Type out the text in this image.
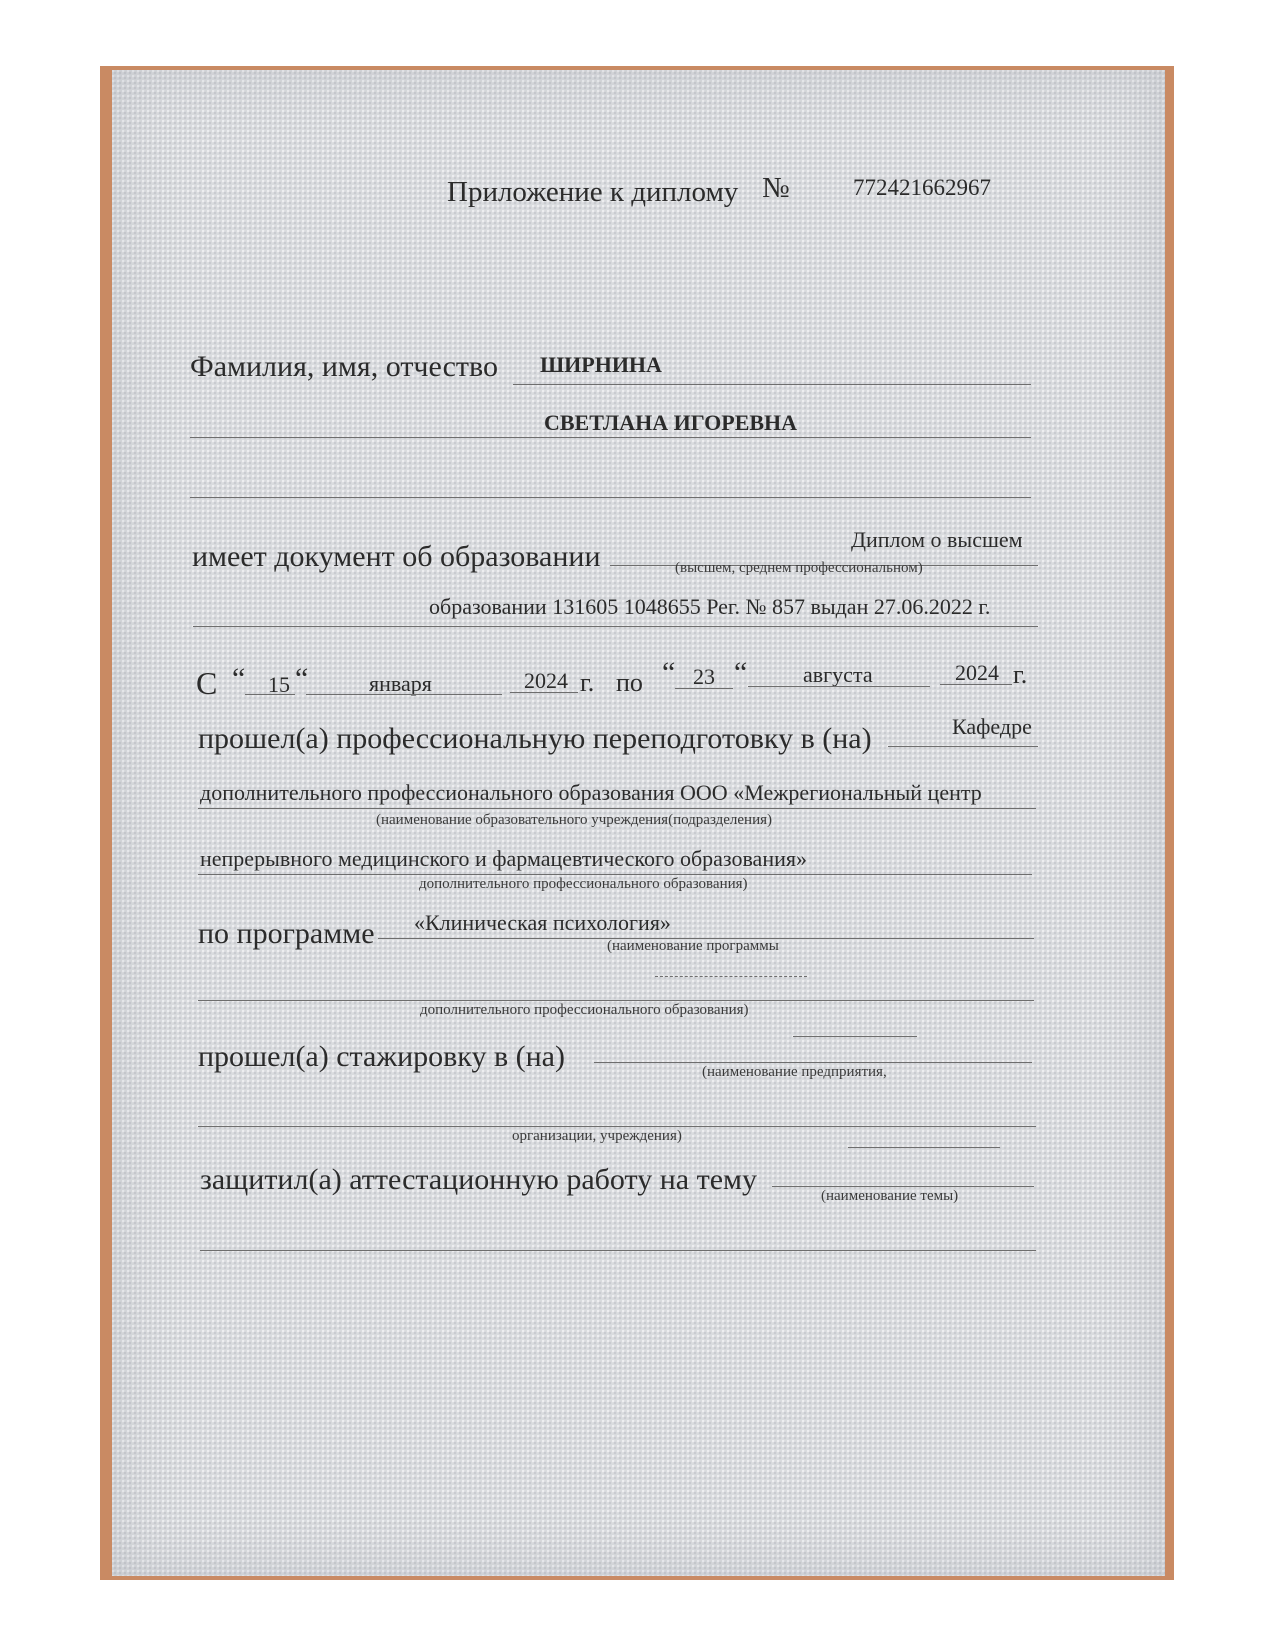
Приложение к диплому №	772421662967
Фамилия, имя, отчество ШИРНИНА
СВЕТЛАНА ИГОРЕВНА
имеет документ об образовании
Диплом о высшем
(высшем, среднем профессиональном)
образовании 131605 1048655 Рег. № 857 выдан 27.06.2022 г.
С “ 15 “	января	2024 г. по “ 23 “	августа	2024 г.
прошел(а) профессиональную переподготовку в (на)	Кафедре
дополнительного профессионального образования ООО «Межрегиональный центр
(наименование образовательного учреждения(подразделения)
непрерывного медицинского и фармацевтического образования»
дополнительного профессионального образования)
по программе «Клиническая психология»
(наименование программы
дополнительного профессионального образования)
прошел(а) стажировку в (на)	(наименование предприятия,
организации, учреждения)
защитил(а) аттестационную работу на тему	(наименование темы)
